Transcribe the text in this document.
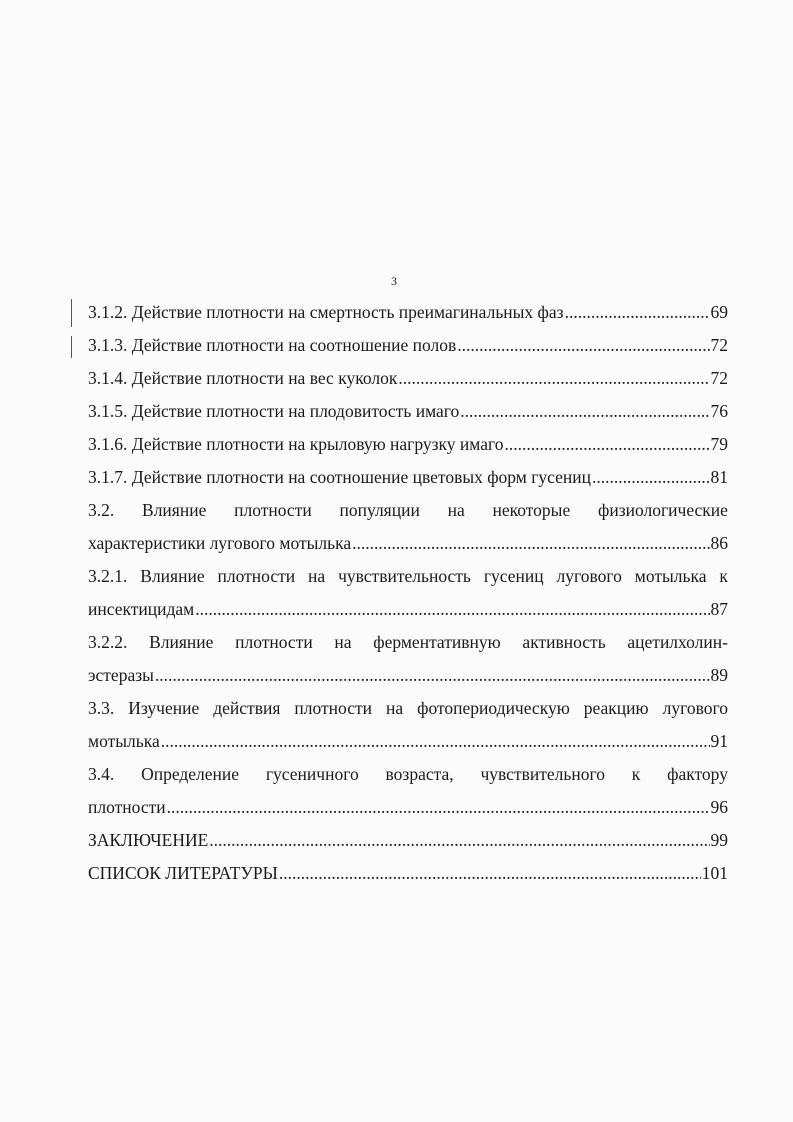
3
3.1.2. Действие плотности на смертность преимагинальных фаз .....	69
3.1.3. Действие плотности на соотношение полов .....	72
3.1.4. Действие плотности на вес куколок .....	72
3.1.5. Действие плотности на плодовитость имаго .....	76
3.1.6. Действие плотности на крыловую нагрузку имаго .....	79
3.1.7. Действие плотности на соотношение цветовых форм гусениц .....	81
3.2. Влияние плотности популяции на некоторые физиологические
характеристики лугового мотылька .....	86
3.2.1. Влияние плотности на чувствительность гусениц лугового мотылька к
инсектицидам .....	87
3.2.2. Влияние плотности на ферментативную активность ацетилхолин-
эстеразы .....	89
3.3. Изучение действия плотности на фотопериодическую реакцию лугового
мотылька .....	91
3.4. Определение гусеничного возраста, чувствительного к фактору
плотности .....	96
ЗАКЛЮЧЕНИЕ .....	99
СПИСОК ЛИТЕРАТУРЫ .....	101
